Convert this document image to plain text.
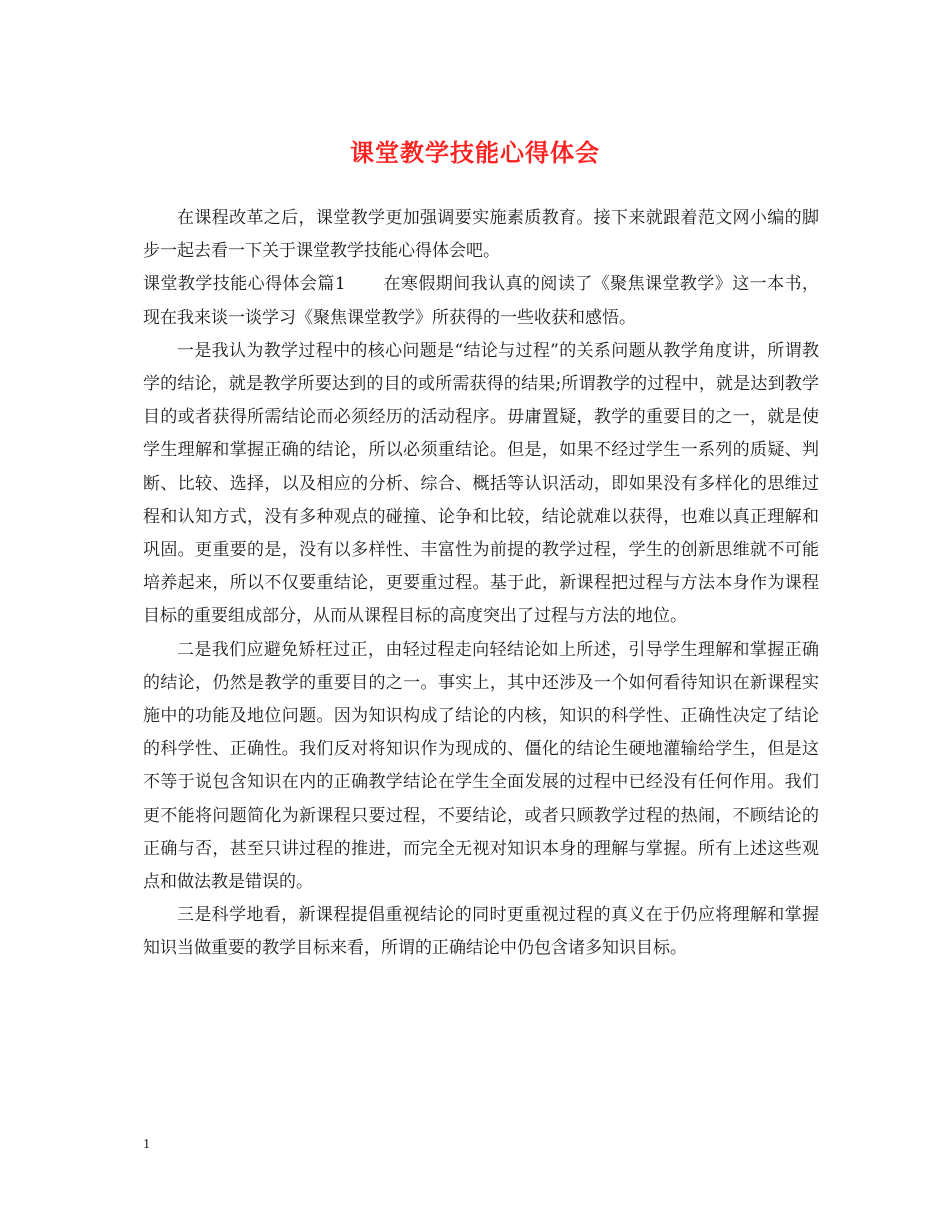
课堂教学技能心得体会

在课程改革之后，课堂教学更加强调要实施素质教育。接下来就跟着范文网小编的脚步一起去看一下关于课堂教学技能心得体会吧。

课堂教学技能心得体会篇1 在寒假期间我认真的阅读了《聚焦课堂教学》这一本书，现在我来谈一谈学习《聚焦课堂教学》所获得的一些收获和感悟。

一是我认为教学过程中的核心问题是“结论与过程”的关系问题从教学角度讲，所谓教学的结论，就是教学所要达到的目的或所需获得的结果;所谓教学的过程中，就是达到教学目的或者获得所需结论而必须经历的活动程序。毋庸置疑，教学的重要目的之一，就是使学生理解和掌握正确的结论，所以必须重结论。但是，如果不经过学生一系列的质疑、判断、比较、选择，以及相应的分析、综合、概括等认识活动，即如果没有多样化的思维过程和认知方式，没有多种观点的碰撞、论争和比较，结论就难以获得，也难以真正理解和巩固。更重要的是，没有以多样性、丰富性为前提的教学过程，学生的创新思维就不可能培养起来，所以不仅要重结论，更要重过程。基于此，新课程把过程与方法本身作为课程目标的重要组成部分，从而从课程目标的高度突出了过程与方法的地位。

二是我们应避免矫枉过正，由轻过程走向轻结论如上所述，引导学生理解和掌握正确的结论，仍然是教学的重要目的之一。事实上，其中还涉及一个如何看待知识在新课程实施中的功能及地位问题。因为知识构成了结论的内核，知识的科学性、正确性决定了结论的科学性、正确性。我们反对将知识作为现成的、僵化的结论生硬地灌输给学生，但是这不等于说包含知识在内的正确教学结论在学生全面发展的过程中已经没有任何作用。我们更不能将问题简化为新课程只要过程，不要结论，或者只顾教学过程的热闹，不顾结论的正确与否，甚至只讲过程的推进，而完全无视对知识本身的理解与掌握。所有上述这些观点和做法教是错误的。

三是科学地看，新课程提倡重视结论的同时更重视过程的真义在于仍应将理解和掌握知识当做重要的教学目标来看，所谓的正确结论中仍包含诸多知识目标。

1
